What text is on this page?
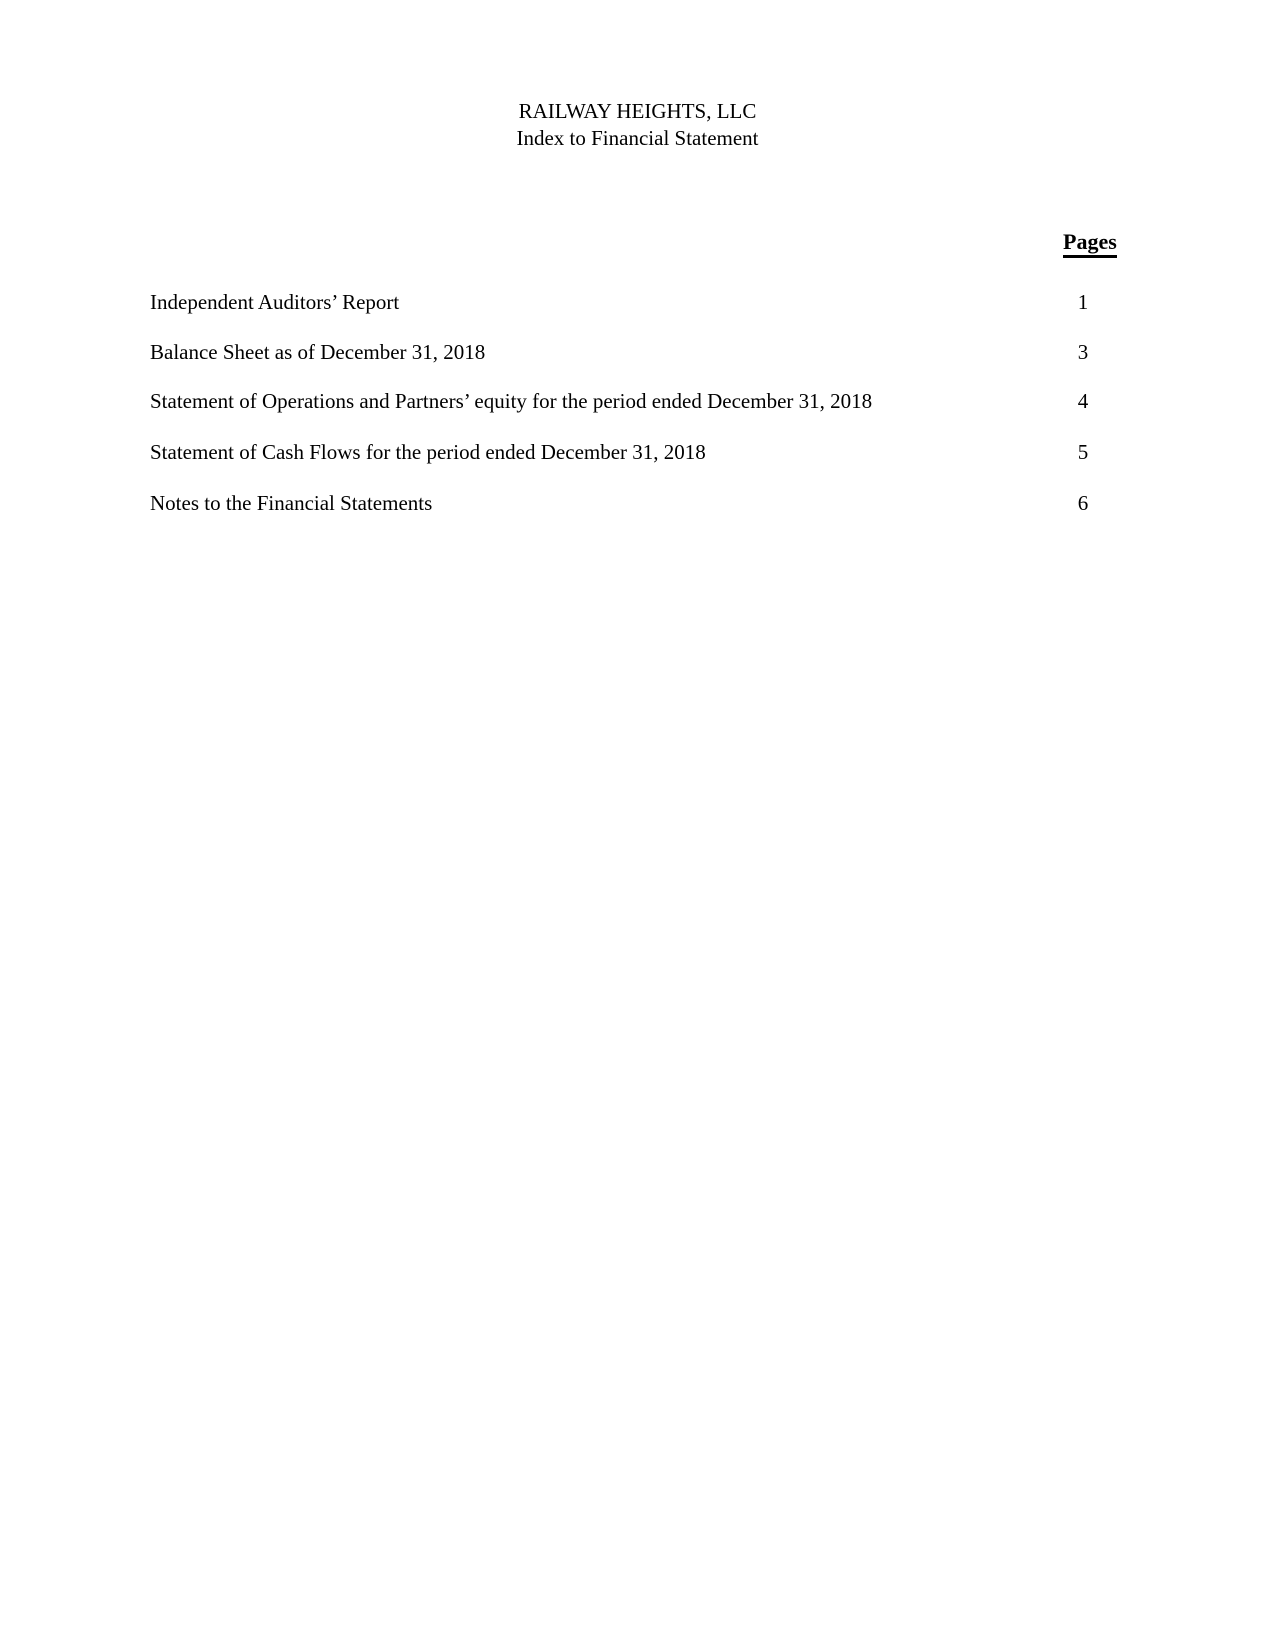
RAILWAY HEIGHTS, LLC
Index to Financial Statement
Pages
Independent Auditors’ Report	1
Balance Sheet as of December 31, 2018	3
Statement of Operations and Partners’ equity for the period ended December 31, 2018	4
Statement of Cash Flows for the period ended December 31, 2018	5
Notes to the Financial Statements	6
